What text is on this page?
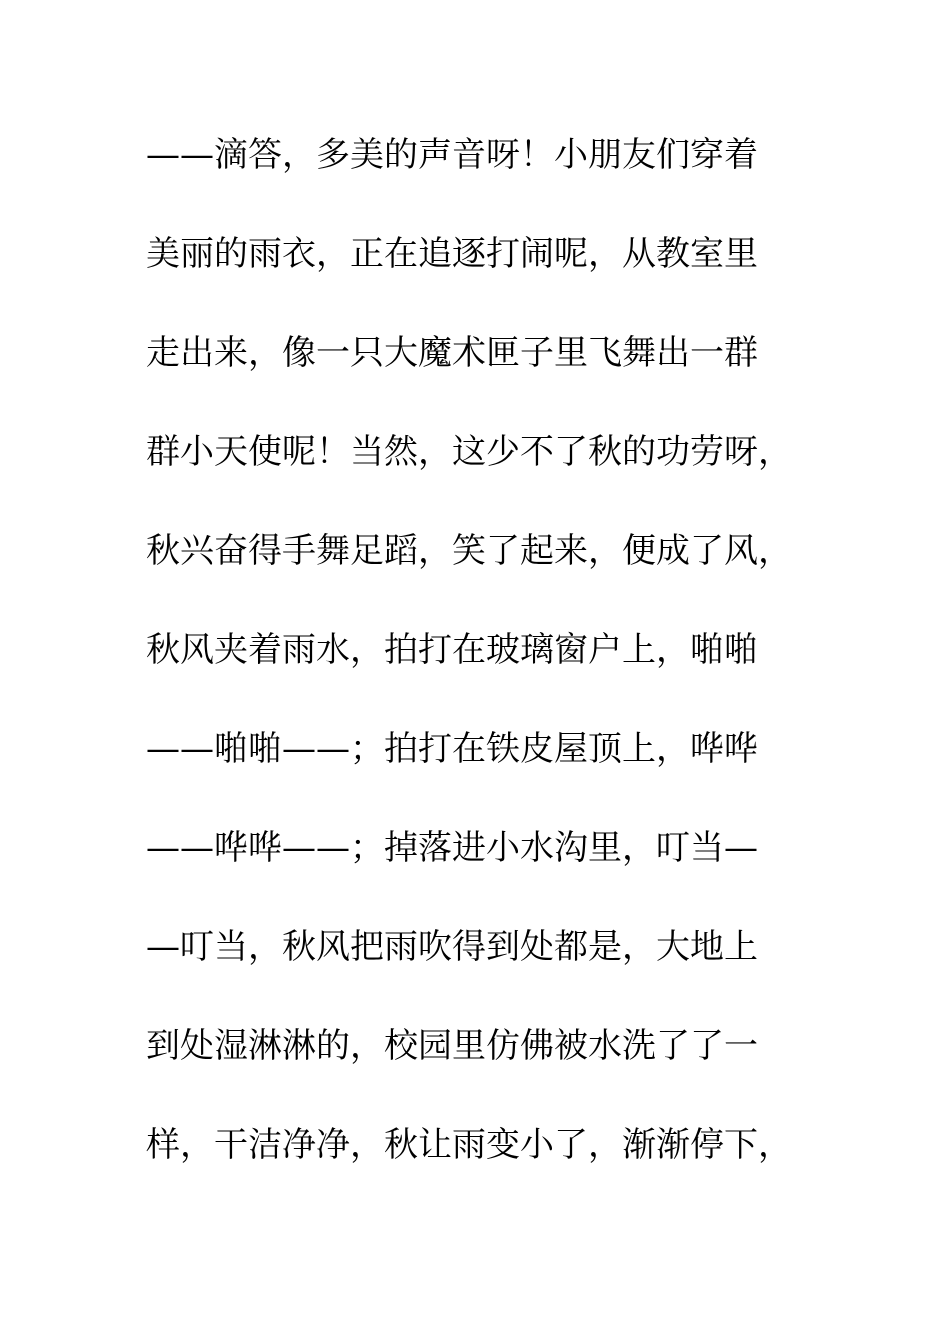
——滴答，多美的声音呀！小朋友们穿着
美丽的雨衣，正在追逐打闹呢，从教室里
走出来，像一只大魔术匣子里飞舞出一群
群小天使呢！当然，这少不了秋的功劳呀，
秋兴奋得手舞足蹈，笑了起来，便成了风，
秋风夹着雨水，拍打在玻璃窗户上，啪啪
——啪啪——；拍打在铁皮屋顶上，哗哗
——哗哗——；掉落进小水沟里，叮当—
—叮当，秋风把雨吹得到处都是，大地上
到处湿淋淋的，校园里仿佛被水洗了了一
样，干洁净净，秋让雨变小了，渐渐停下，
